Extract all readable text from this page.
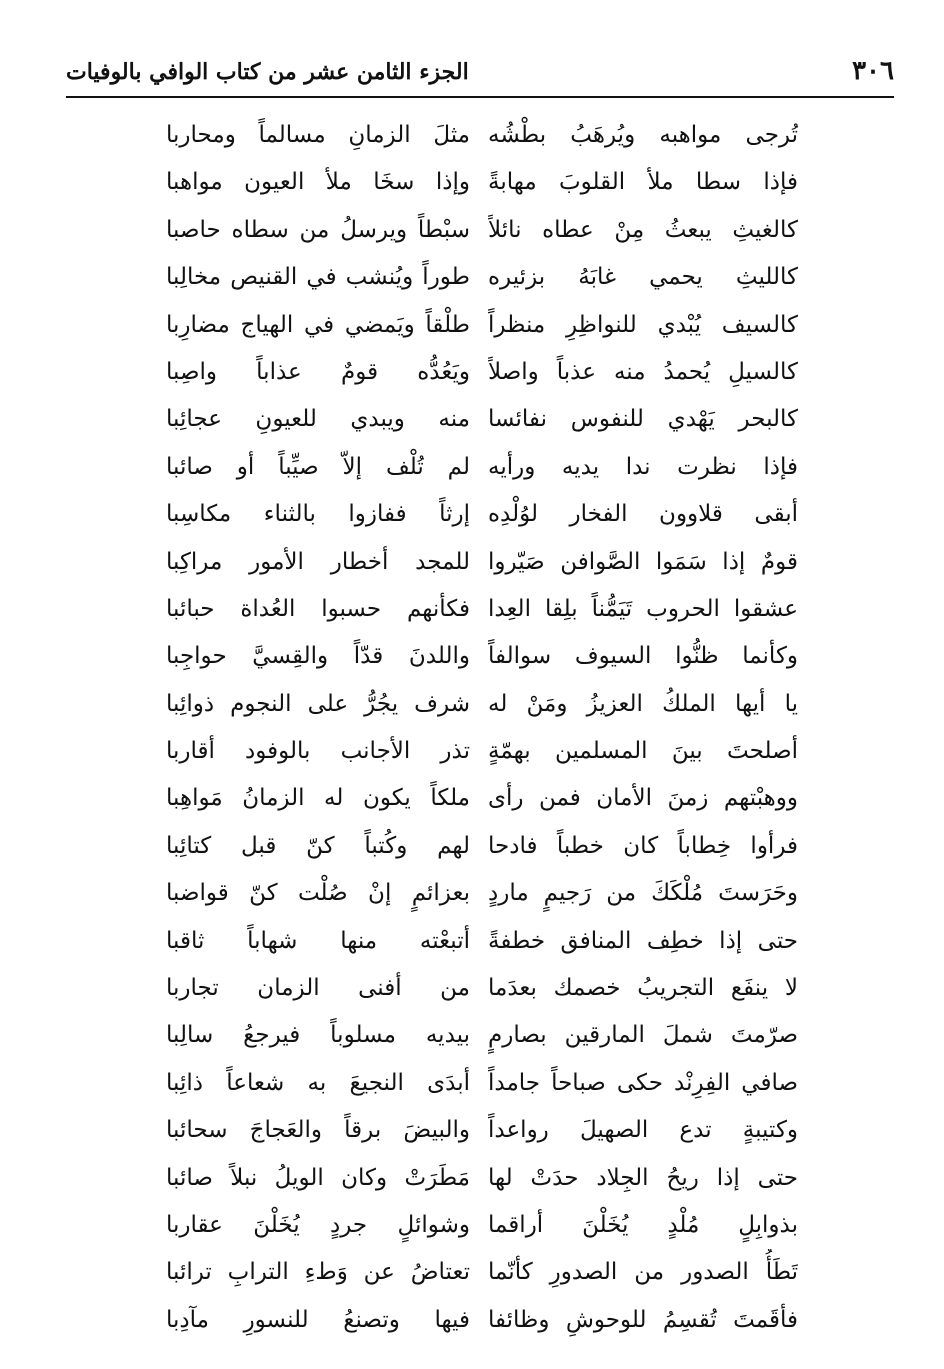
٣٠٦
الجزء الثامن عشر من كتاب الوافي بالوفيات
تُرجى مواهبه ويُرهَبُ بطْشُه
مثلَ الزمانِ مسالماً ومحاربا
فإذا سطا ملأ القلوبَ مهابةً
وإذا سخَا ملأ العيون مواهبا
كالغيثِ يبعثُ مِنْ عطاه نائلاً
سبْطاً ويرسلُ من سطاه حاصبا
كالليثِ يحمي غابَهُ بزئيره
طوراً ويُنشب في القنيص مخالِبا
كالسيف يُبْدي للنواظِرِ منظراً
طلْقاً ويَمضي في الهياج مضارِبا
كالسيلِ يُحمدُ منه عذباً واصلاً
ويَعُدُّه قومٌ عذاباً واصِبا
كالبحر يَهْدي للنفوس نفائسا
منه ويبدي للعيونِ عجائِبا
فإذا نظرت ندا يديه ورأيه
لم تُلْف إلاّ صيِّباً أو صائبا
أبقى قلاوون الفخار لوُلْدِه
إرثاً ففازوا بالثناء مكاسِبا
قومٌ إذا سَمَوا الصَّوافن صَيّروا
للمجد أخطار الأمور مراكِبا
عشقوا الحروب تَيَمُّناً بلِقا العِدا
فكأنهم حسبوا العُداة حبائبا
وكأنما ظنُّوا السيوف سوالفاً
واللدنَ قدّاً والقِسيَّ حواجِبا
يا أيها الملكُ العزيزُ ومَنْ له
شرف يجُرُّ على النجوم ذوائِبا
أصلحتَ بينَ المسلمين بهمّةٍ
تذر الأجانب بالوفود أقاربا
ووهبْتهم زمنَ الأمان فمن رأى
ملكاً يكون له الزمانُ مَواهِبا
فرأوا خِطاباً كان خطباً فادحا
لهم وكُتباً كنّ قبل كتائِبا
وحَرَستَ مُلْكَكَ من رَجيمٍ ماردٍ
بعزائمٍ إنْ صُلْت كنّ قواضبا
حتى إذا خطِف المنافق خطفةً
أتبعْته منها شهاباً ثاقبا
لا ينفَع التجريبُ خصمك بعدَما
من أفنى الزمان تجاربا
صرّمتَ شملَ المارقين بصارمٍ
بيديه مسلوباً فيرجعُ سالِبا
صافي الفِرِنْد حكى صباحاً جامداً
أبدَى النجيعَ به شعاعاً ذائِبا
وكتيبةٍ تدع الصهيلَ رواعداً
والبيضَ برقاً والعَجاجَ سحائبا
حتى إذا ريحُ الجِلاد حدَتْ لها
مَطَرَتْ وكان الويلُ نبلاً صائبا
بذوابِلٍ مُلْدٍ يُخَلْنَ أراقما
وشوائلٍ جردٍ يُخَلْنَ عقاربا
تَطَأُ الصدور من الصدورِ كأنّما
تعتاضُ عن وَطءِ الترابِ ترائبا
فأقَمتَ تُقسِمُ للوحوشِ وظائفا
فيها وتصنعُ للنسورِ مآدِبا
